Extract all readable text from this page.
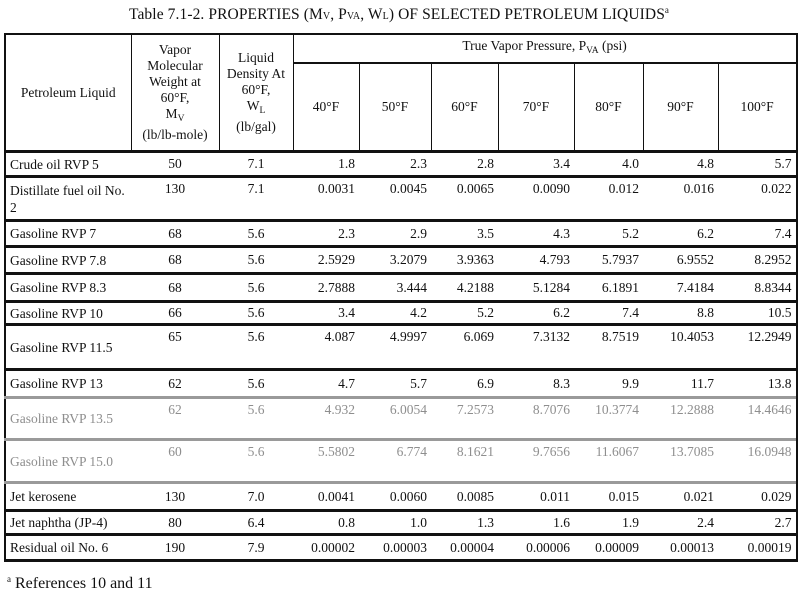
Table 7.1-2. PROPERTIES (MV, PVA, WL) OF SELECTED PETROLEUM LIQUIDS$^a$
Petroleum Liquid	
Vapor Molecular Weight at 60°F,
$M_V$
(lb/lb-mole)

Liquid Density At 60°F,
$W_L$
(lb/gal)
	True Vapor Pressure, $P_{VA}$ (psi)
			40°F	50°F	60°F	70°F	80°F	90°F	100°F
Crude oil RVP 5	50	7.1	1.8	2.3	2.8	3.4	4.0	4.8	5.7
Distillate fuel oil No. 2	130	7.1	0.0031	0.0045	0.0065	0.0090	0.012	0.016	0.022
Gasoline RVP 7	68	5.6	2.3	2.9	3.5	4.3	5.2	6.2	7.4
Gasoline RVP 7.8	68	5.6	2.5929	3.2079	3.9363	4.793	5.7937	6.9552	8.2952
Gasoline RVP 8.3	68	5.6	2.7888	3.444	4.2188	5.1284	6.1891	7.4184	8.8344
Gasoline RVP 10	66	5.6	3.4	4.2	5.2	6.2	7.4	8.8	10.5
Gasoline RVP 11.5	65	5.6	4.087	4.9997	6.069	7.3132	8.7519	10.4053	12.2949
Gasoline RVP 13	62	5.6	4.7	5.7	6.9	8.3	9.9	11.7	13.8
Gasoline RVP 13.5	62	5.6	4.932	6.0054	7.2573	8.7076	10.3774	12.2888	14.4646
Gasoline RVP 15.0	60	5.6	5.5802	6.774	8.1621	9.7656	11.6067	13.7085	16.0948
Jet kerosene	130	7.0	0.0041	0.0060	0.0085	0.011	0.015	0.021	0.029
Jet naphtha (JP-4)	80	6.4	0.8	1.0	1.3	1.6	1.9	2.4	2.7
Residual oil No. 6	190	7.9	0.00002	0.00003	0.00004	0.00006	0.00009	0.00013	0.00019
$^a$ References 10 and 11
